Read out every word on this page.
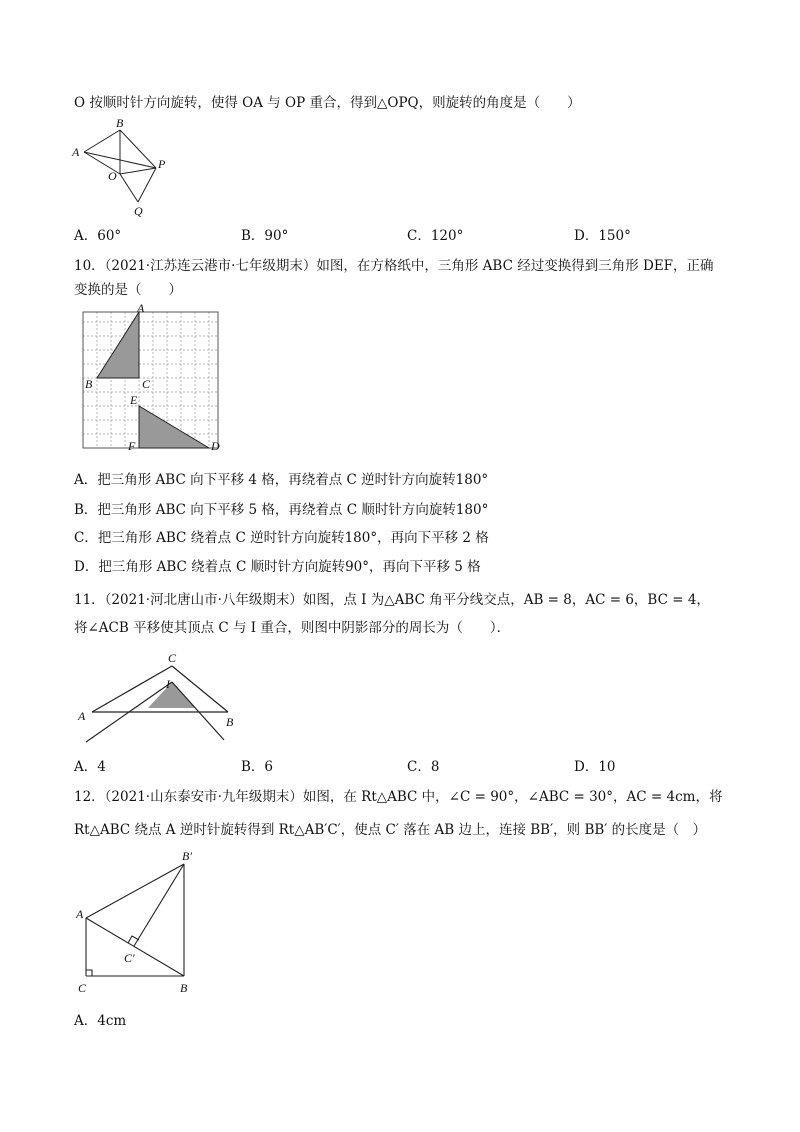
O 按顺时针方向旋转，使得 OA 与 OP 重合，得到△OPQ，则旋转的角度是（　　）
A
B
O
P
Q
A．60°	B．90°	C．120°	D．150°
10．（2021·江苏连云港市·七年级期末）如图，在方格纸中，三角形 ABC 经过变换得到三角形 DEF，正确
变换的是（　　）
A
B	C
D
E
F
A．把三角形 ABC 向下平移 4 格，再绕着点 C 逆时针方向旋转180°
B．把三角形 ABC 向下平移 5 格，再绕着点 C 顺时针方向旋转180°
C．把三角形 ABC 绕着点 C 逆时针方向旋转180°，再向下平移 2 格
D．把三角形 ABC 绕着点 C 顺时针方向旋转90°，再向下平移 5 格
11．（2021·河北唐山市·八年级期末）如图，点 I 为△ABC 角平分线交点，AB = 8，AC = 6，BC = 4，
将∠ACB 平移使其顶点 C 与 I 重合，则图中阴影部分的周长为（　　）．
C
I
A	B
A．4	B．6	C．8	D．10
12．（2021·山东泰安市·九年级期末）如图，在 Rt△ABC 中，∠C = 90°，∠ABC = 30°，AC = 4cm，将
Rt△ABC 绕点 A 逆时针旋转得到 Rt△AB′C′，使点 C′ 落在 AB 边上，连接 BB′，则 BB′ 的长度是（　）
B′
A
C′
C	B
A．4cm
